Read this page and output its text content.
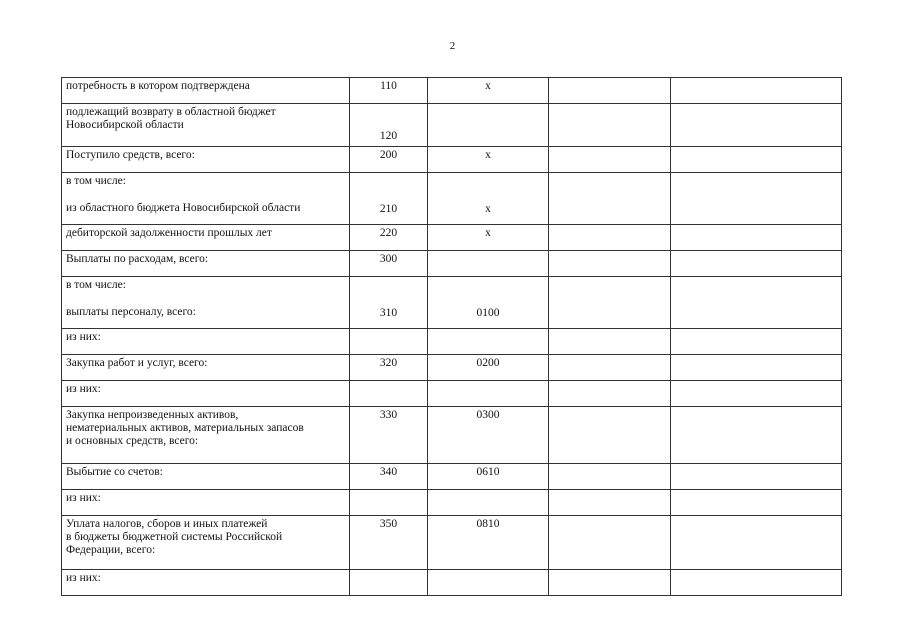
2
потребность в котором подтверждена	110	х		

подлежащий возврату в областной бюджет
Новосибирской области	120			

Поступило средств, всего:	200	х		

в том числе:
из областного бюджета Новосибирской области	210	х		

дебиторской задолженности прошлых лет	220	х		

Выплаты по расходам, всего:	300			

в том числе:
выплаты персоналу, всего:	310	0100		

из них:				

Закупка работ и услуг, всего:	320	0200		

из них:				

Закупка непроизведенных активов,
нематериальных активов, материальных запасов
и основных средств, всего:	330	0300		

Выбытие со счетов:	340	0610		

из них:				

Уплата налогов, сборов и иных платежей
в бюджеты бюджетной системы Российской
Федерации, всего:	350	0810		

из них:				
